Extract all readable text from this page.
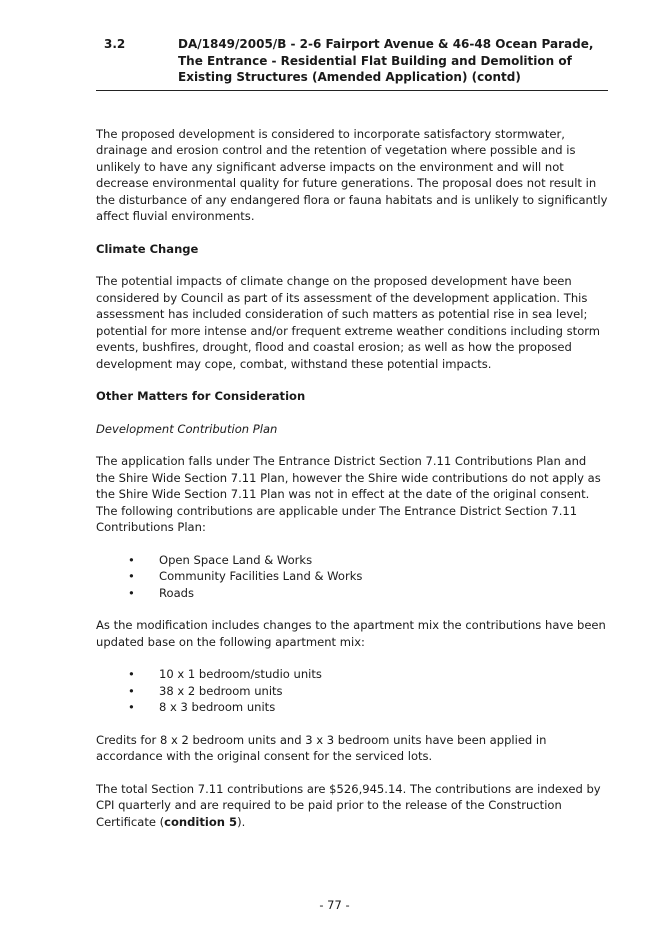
3.2	DA/1849/2005/B - 2-6 Fairport Avenue & 46-48 Ocean Parade, The Entrance - Residential Flat Building and Demolition of Existing Structures (Amended Application) (contd)

The proposed development is considered to incorporate satisfactory stormwater, drainage and erosion control and the retention of vegetation where possible and is unlikely to have any significant adverse impacts on the environment and will not decrease environmental quality for future generations. The proposal does not result in the disturbance of any endangered flora or fauna habitats and is unlikely to significantly affect fluvial environments.

Climate Change

The potential impacts of climate change on the proposed development have been considered by Council as part of its assessment of the development application. This assessment has included consideration of such matters as potential rise in sea level; potential for more intense and/or frequent extreme weather conditions including storm events, bushfires, drought, flood and coastal erosion; as well as how the proposed development may cope, combat, withstand these potential impacts.

Other Matters for Consideration
Development Contribution Plan

The application falls under The Entrance District Section 7.11 Contributions Plan and the Shire Wide Section 7.11 Plan, however the Shire wide contributions do not apply as the Shire Wide Section 7.11 Plan was not in effect at the date of the original consent. The following contributions are applicable under The Entrance District Section 7.11 Contributions Plan:

• Open Space Land & Works
• Community Facilities Land & Works
• Roads

As the modification includes changes to the apartment mix the contributions have been updated base on the following apartment mix:

• 10 x 1 bedroom/studio units
• 38 x 2 bedroom units
• 8 x 3 bedroom units

Credits for 8 x 2 bedroom units and 3 x 3 bedroom units have been applied in accordance with the original consent for the serviced lots.

The total Section 7.11 contributions are $526,945.14. The contributions are indexed by CPI quarterly and are required to be paid prior to the release of the Construction Certificate (condition 5).

- 77 -
